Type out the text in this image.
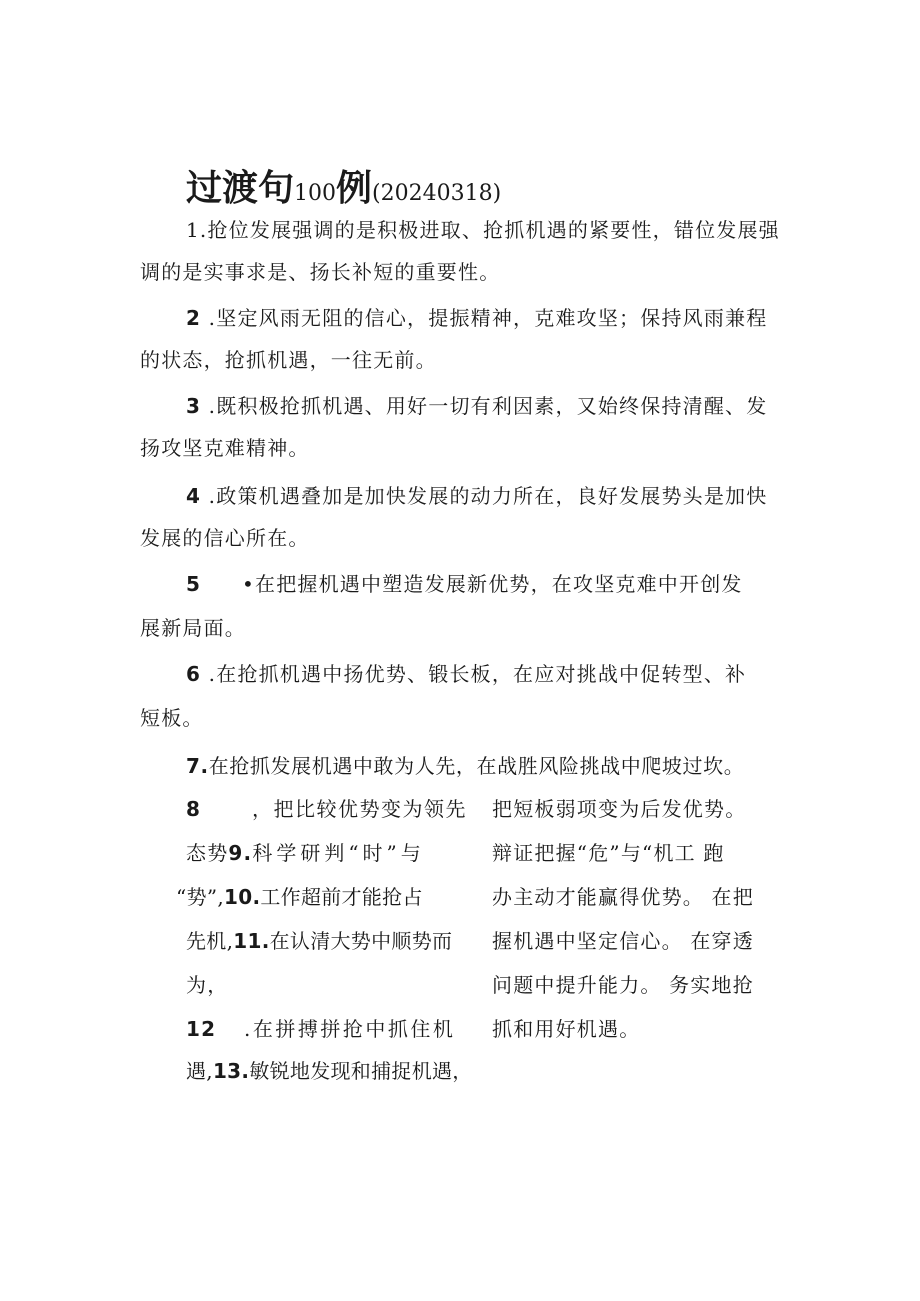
过渡句100例(20240318)
1.抢位发展强调的是积极进取、抢抓机遇的紧要性，错位发展强
调的是实事求是、扬长补短的重要性。
2 .坚定风雨无阻的信心，提振精神，克难攻坚；保持风雨兼程
的状态，抢抓机遇，一往无前。
3 .既积极抢抓机遇、用好一切有利因素，又始终保持清醒、发
扬攻坚克难精神。
4 .政策机遇叠加是加快发展的动力所在，良好发展势头是加快
发展的信心所在。
5 •在把握机遇中塑造发展新优势，在攻坚克难中开创发
展新局面。
6 .在抢抓机遇中扬优势、锻长板，在应对挑战中促转型、补
短板。
7.在抢抓发展机遇中敢为人先，在战胜风险挑战中爬坡过坎。
8	，把比较优势变为领先
态势9.科学研判“时”与
“势”,10.工作超前才能抢占
先机,11.在认清大势中顺势而
为，
12 .在拼搏拼抢中抓住机
遇,13.敏锐地发现和捕捉机遇，
把短板弱项变为后发优势。
辩证把握“危”与“机工 跑
办主动才能赢得优势。 在把
握机遇中坚定信心。 在穿透
问题中提升能力。 务实地抢
抓和用好机遇。
